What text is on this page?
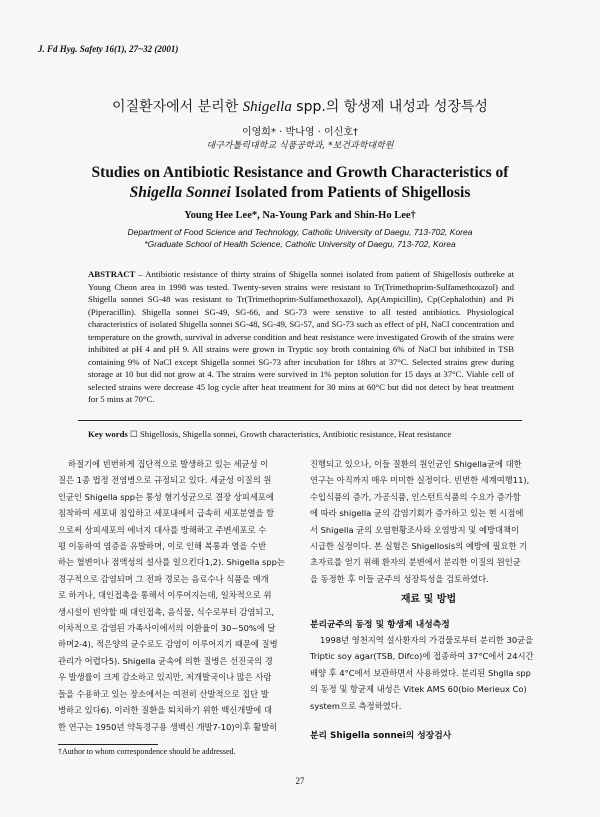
J. Fd Hyg. Safety 16(1), 27~32 (2001)
이질환자에서 분리한 Shigella spp.의 항생제 내성과 성장특성
이영희* · 박나영 · 이신호†
대구가톨릭대학교 식품공학과, *보건과학대학원
Studies on Antibiotic Resistance and Growth Characteristics of
Shigella Sonnei Isolated from Patients of Shigellosis
Young Hee Lee*, Na-Young Park and Shin-Ho Lee†
Department of Food Science and Technology, Catholic University of Daegu, 713-702, Korea
*Graduate School of Health Science, Catholic University of Daegu, 713-702, Korea
ABSTRACT – Antibiotic resistance of thirty strains of Shigella sonnei isolated from patient of Shigellosis outbreke at Young Cheon area in 1998 was tested. Twenty-seven strains were resistant to Tr(Trimethoprim-Sulfamethoxazol) and Shigella sonnei SG-48 was resistant to Tr(Trimethoprim-Sulfamethoxazol), Ap(Ampicillin), Cp(Cephalothin) and Pi (Piperacillin). Shigella sonnei SG-49, SG-66, and SG-73 were senstive to all tested antibiotics. Physiological characteristics of isolated Shigella sonnei SG-48, SG-49, SG-57, and SG-73 such as effect of pH, NaCl concentration and temperature on the growth, survival in adverse condition and heat resistance were investigated Growth of the strains were inhibited at pH 4 and pH 9. All strains were grown in Tryptic soy broth containing 6% of NaCl but inhibited in TSB containing 9% of NaCl except Shigella sonnei SG-73 after incubation for 18hrs at 37°C. Selected strains grew during storage at 10 but did not grow at 4. The strains were survived in 1% pepton solution for 15 days at 37°C. Viable cell of selected strains were decrease 45 log cycle after heat treatment for 30 mins at 60°C but did not detect by heat treatment for 5 mins at 70°C.
Key words ☐ Shigellosis, Shigella sonnei, Growth characteristics, Antibiotic resistance, Heat resistance
하절기에 빈번하게 집단적으로 발생하고 있는 세균성 이
질은 1종 법정 전염병으로 규정되고 있다. 세균성 이질의 원
인균인 Shigella spp는 통성 혐기성균으로 결장 상피세포에
침착하여 세포내 침입하고 세포내에서 급속히 세포분열을 함
으로써 상피세포의 에너지 대사를 방해하고 주변세포로 수
평 이동하여 염증을 유발하며, 이로 인해 복통과 열을 수반
하는 혈변이나 점액성의 설사를 일으킨다1,2). Shigella spp는
경구적으로 감염되며 그 전파 경로는 음료수나 식품을 매개
로 하거나, 대인접촉을 통해서 이루어지는데, 일차적으로 위
생시설이 빈약할 때 대인접촉, 음식물, 식수로부터 감염되고,
이차적으로 감염된 가족사이에서의 이환율이 30~50%에 달
하며2-4), 적은양의 균수로도 감염이 이루어지기 때문에 질병
관리가 어렵다5). Shigella 균속에 의한 질병은 선진국의 경
우 발생률이 크게 감소하고 있지만, 저개발국이나 많은 사람
들을 수용하고 있는 장소에서는 여전히 산발적으로 집단 발
병하고 있다6). 이러한 질환을 퇴치하기 위한 백신개발에 대
한 연구는 1950년 약독경구용 생백신 개발7-10)이후 활발히
진행되고 있으나, 이들 질환의 원인균인 Shigella균에 대한
연구는 아직까지 매우 미미한 실정이다. 빈번한 세계여행11),
수입식품의 증가, 가공식품, 인스턴트식품의 수요가 증가함
에 따라 shigella 균의 감염기회가 증가하고 있는 현 시점에
서 Shigella 균의 오염현황조사와 오염방지 및 예방대책이
시급한 실정이다. 본 실험은 Shigellosis의 예방에 필요한 기
초자료를 얻기 위해 환자의 분변에서 분리한 이질의 원인균
을 동정한 후 이들 균주의 성장특성을 검토하였다.
재료 및 방법
분리균주의 동정 및 항생제 내성측정
1998년 영천지역 설사환자의 가검물로부터 분리한 30균을
Triptic soy agar(TSB, Difco)에 접종하여 37°C에서 24시간
배양 후 4°C에서 보관하면서 사용하였다. 분리된 Shglla spp
의 동정 및 항균제 내성은 Vitek AMS 60(bio Merieux Co)
system으로 측정하였다.
분리 Shigella sonnei의 성장검사
†Author to whom correspondence should be addressed.
27
